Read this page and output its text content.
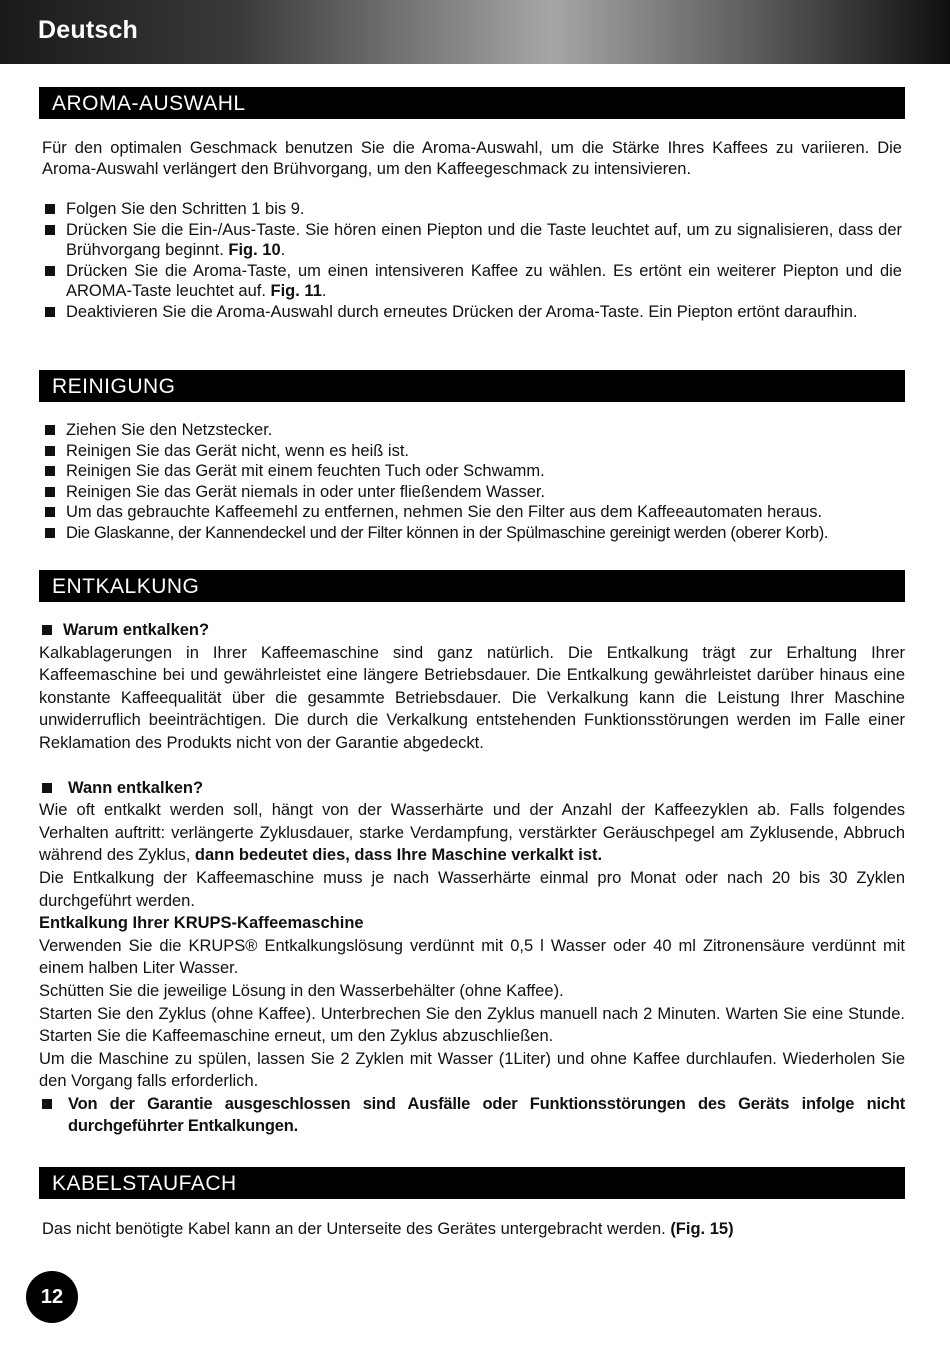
Deutsch
AROMA-AUSWAHL

Für den optimalen Geschmack benutzen Sie die Aroma-Auswahl, um die Stärke Ihres Kaffees zu variieren. Die Aroma-Auswahl verlängert den Brühvorgang, um den Kaffeegeschmack zu intensivieren.

Folgen Sie den Schritten 1 bis 9.
Drücken Sie die Ein-/Aus-Taste. Sie hören einen Piepton und die Taste leuchtet auf, um zu signalisieren, dass der Brühvorgang beginnt. Fig. 10.
Drücken Sie die Aroma-Taste, um einen intensiveren Kaffee zu wählen. Es ertönt ein weiterer Piepton und die AROMA-Taste leuchtet auf. Fig. 11.
Deaktivieren Sie die Aroma-Auswahl durch erneutes Drücken der Aroma-Taste. Ein Piepton ertönt daraufhin.
REINIGUNG
Ziehen Sie den Netzstecker.
Reinigen Sie das Gerät nicht, wenn es heiß ist.
Reinigen Sie das Gerät mit einem feuchten Tuch oder Schwamm.
Reinigen Sie das Gerät niemals in oder unter fließendem Wasser.
Um das gebrauchte Kaffeemehl zu entfernen, nehmen Sie den Filter aus dem Kaffeeautomaten heraus.
Die Glaskanne, der Kannendeckel und der Filter können in der Spülmaschine gereinigt werden (oberer Korb).
ENTKALKUNG
Warum entkalken?

Kalkablagerungen in Ihrer Kaffeemaschine sind ganz natürlich. Die Entkalkung trägt zur Erhaltung Ihrer Kaffeemaschine bei und gewährleistet eine längere Betriebsdauer. Die Entkalkung gewährleistet darüber hinaus eine konstante Kaffeequalität über die gesammte Betriebsdauer. Die Verkalkung kann die Leistung Ihrer Maschine unwiderruflich beeinträchtigen. Die durch die Verkalkung entstehenden Funktionsstörungen werden im Falle einer Reklamation des Produkts nicht von der Garantie abgedeckt.

Wann entkalken?

Wie oft entkalkt werden soll, hängt von der Wasserhärte und der Anzahl der Kaffeezyklen ab. Falls folgendes Verhalten auftritt: verlängerte Zyklusdauer, starke Verdampfung, verstärkter Geräuschpegel am Zyklusende, Abbruch während des Zyklus, dann bedeutet dies, dass Ihre Maschine verkalkt ist.

Die Entkalkung der Kaffeemaschine muss je nach Wasserhärte einmal pro Monat oder nach 20 bis 30 Zyklen durchgeführt werden.

Entkalkung Ihrer KRUPS-Kaffeemaschine

Verwenden Sie die KRUPS® Entkalkungslösung verdünnt mit 0,5 l Wasser oder 40 ml Zitronensäure verdünnt mit einem halben Liter Wasser.

Schütten Sie die jeweilige Lösung in den Wasserbehälter (ohne Kaffee).

Starten Sie den Zyklus (ohne Kaffee). Unterbrechen Sie den Zyklus manuell nach 2 Minuten. Warten Sie eine Stunde. Starten Sie die Kaffeemaschine erneut, um den Zyklus abzuschließen.

Um die Maschine zu spülen, lassen Sie 2 Zyklen mit Wasser (1Liter) und ohne Kaffee durchlaufen. Wiederholen Sie den Vorgang falls erforderlich.

Von der Garantie ausgeschlossen sind Ausfälle oder Funktionsstörungen des Geräts infolge nicht durchgeführter Entkalkungen.
KABELSTAUFACH

Das nicht benötigte Kabel kann an der Unterseite des Gerätes untergebracht werden. (Fig. 15)

12
